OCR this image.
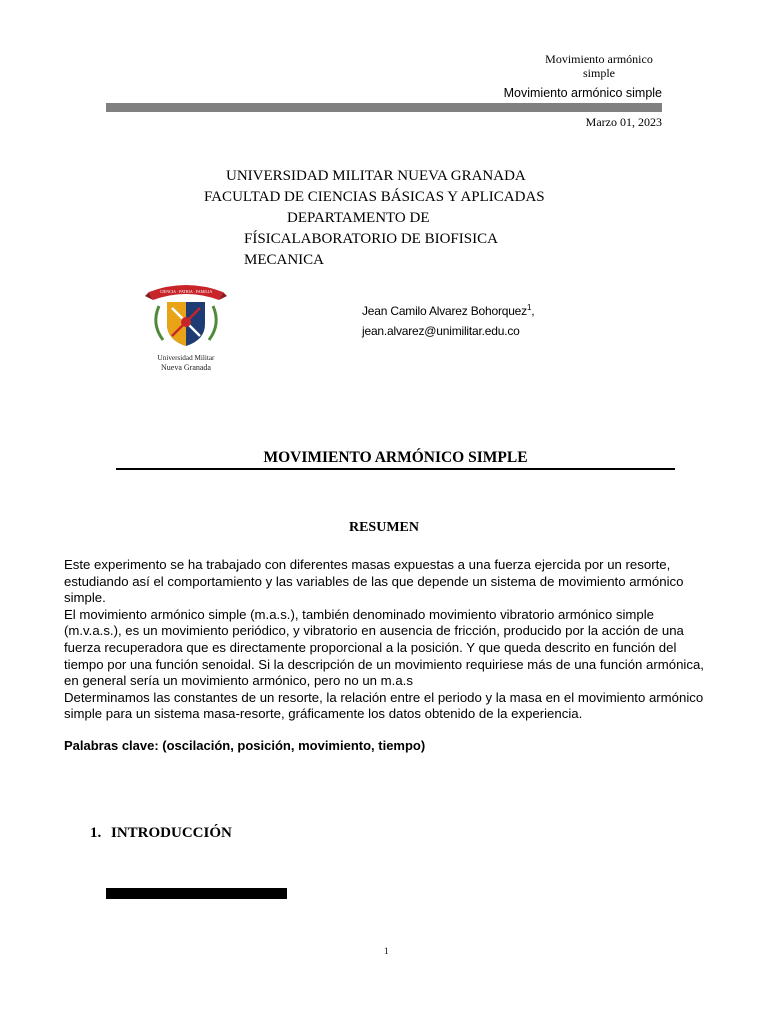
Movimiento armónico simple
Movimiento armónico simple
Marzo 01, 2023
UNIVERSIDAD MILITAR NUEVA GRANADA
FACULTAD DE CIENCIAS BÁSICAS Y APLICADAS
DEPARTAMENTO DE
FÍSICALABORATORIO DE BIOFISICA
MECANICA
CIENCIA · PATRIA · FAMILIA
Universidad Militar
Nueva Granada
Jean Camilo Alvarez Bohorquez$^1$,
jean.alvarez@unimilitar.edu.co
MOVIMIENTO ARMÓNICO SIMPLE
RESUMEN

Este experimento se ha trabajado con diferentes masas expuestas a una fuerza ejercida por un resorte, estudiando así el comportamiento y las variables de las que depende un sistema de movimiento armónico simple.

El movimiento armónico simple (m.a.s.), también denominado movimiento vibratorio armónico simple (m.v.a.s.), es un movimiento periódico, y vibratorio en ausencia de fricción, producido por la acción de una fuerza recuperadora que es directamente proporcional a la posición. Y que queda descrito en función del tiempo por una función senoidal. Si la descripción de un movimiento requiriese más de una función armónica, en general sería un movimiento armónico, pero no un m.a.s

Determinamos las constantes de un resorte, la relación entre el periodo y la masa en el movimiento armónico simple para un sistema masa-resorte, gráficamente los datos obtenido de la experiencia.

Palabras clave: (oscilación, posición, movimiento, tiempo)
1. INTRODUCCIÓN
1
